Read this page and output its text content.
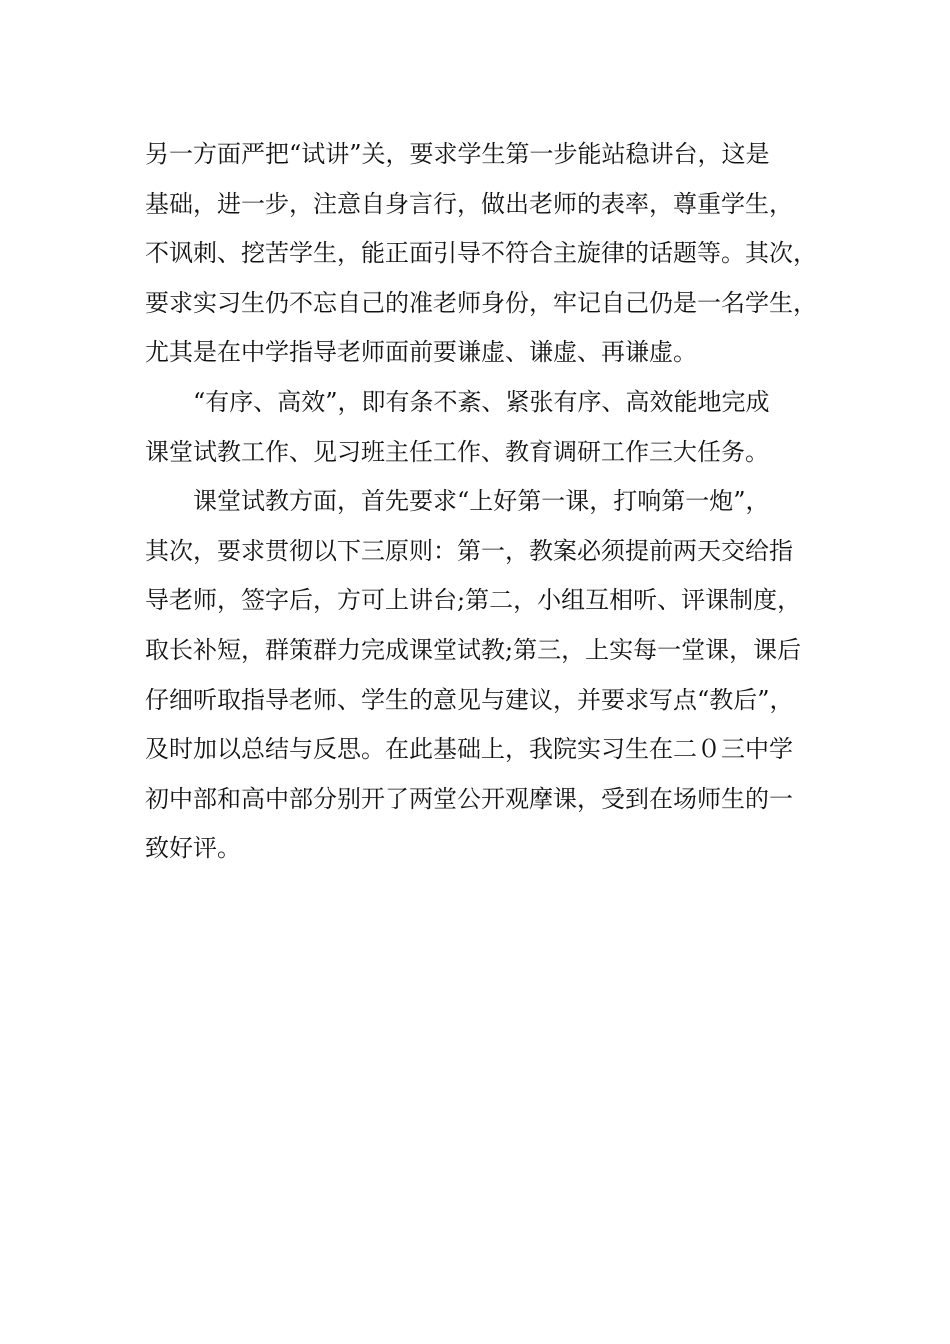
另一方面严把“试讲”关，要求学生第一步能站稳讲台，这是
基础，进一步，注意自身言行，做出老师的表率，尊重学生，
不讽刺、挖苦学生，能正面引导不符合主旋律的话题等。其次，
要求实习生仍不忘自己的准老师身份，牢记自己仍是一名学生，
尤其是在中学指导老师面前要谦虚、谦虚、再谦虚。
“有序、高效”，即有条不紊、紧张有序、高效能地完成
课堂试教工作、见习班主任工作、教育调研工作三大任务。
课堂试教方面，首先要求“上好第一课，打响第一炮”，
其次，要求贯彻以下三原则：第一，教案必须提前两天交给指
导老师，签字后，方可上讲台;第二，小组互相听、评课制度，
取长补短，群策群力完成课堂试教;第三，上实每一堂课，课后
仔细听取指导老师、学生的意见与建议，并要求写点“教后”，
及时加以总结与反思。在此基础上，我院实习生在二０三中学
初中部和高中部分别开了两堂公开观摩课，受到在场师生的一
致好评。
